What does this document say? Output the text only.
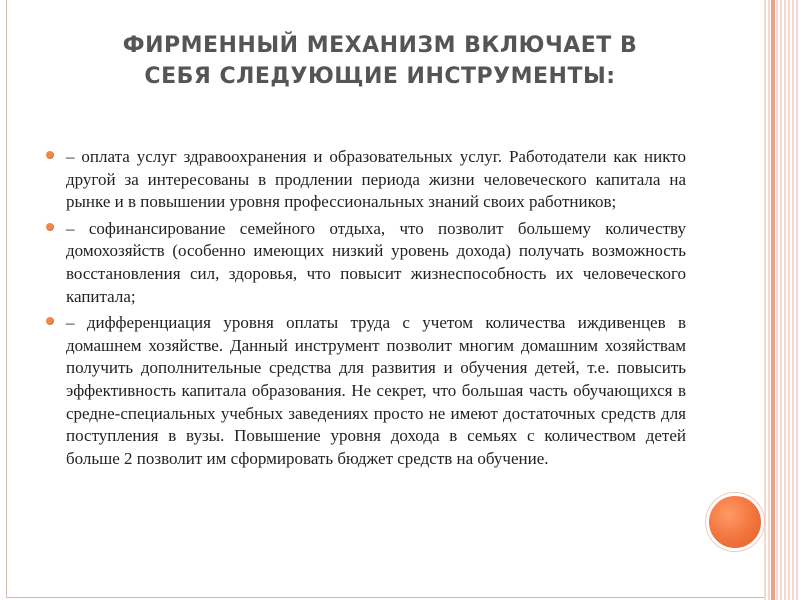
ФИРМЕННЫЙ МЕХАНИЗМ ВКЛЮЧАЕТ В
СЕБЯ СЛЕДУЮЩИЕ ИНСТРУМЕНТЫ:
– оплата услуг здравоохранения и образовательных услуг. Работодатели как никто другой за интересованы в продлении периода жизни человеческого капитала на рынке и в повышении уровня профессиональных знаний своих работников;
– софинансирование семейного отдыха, что позволит большему количеству домохозяйств (особенно имеющих низкий уровень дохода) получать возможность восстановления сил, здоровья, что повысит жизнеспособность их человеческого капитала;
– дифференциация уровня оплаты труда с учетом количества иждивенцев в домашнем хозяйстве. Данный инструмент позволит многим домашним хозяйствам получить дополнительные средства для развития и обучения детей, т.е. повысить эффективность капитала образования. Не секрет, что большая часть обучающихся в средне-специальных учебных заведениях просто не имеют достаточных средств для поступления в вузы. Повышение уровня дохода в семьях с количеством детей больше 2 позволит им сформировать бюджет средств на обучение.
